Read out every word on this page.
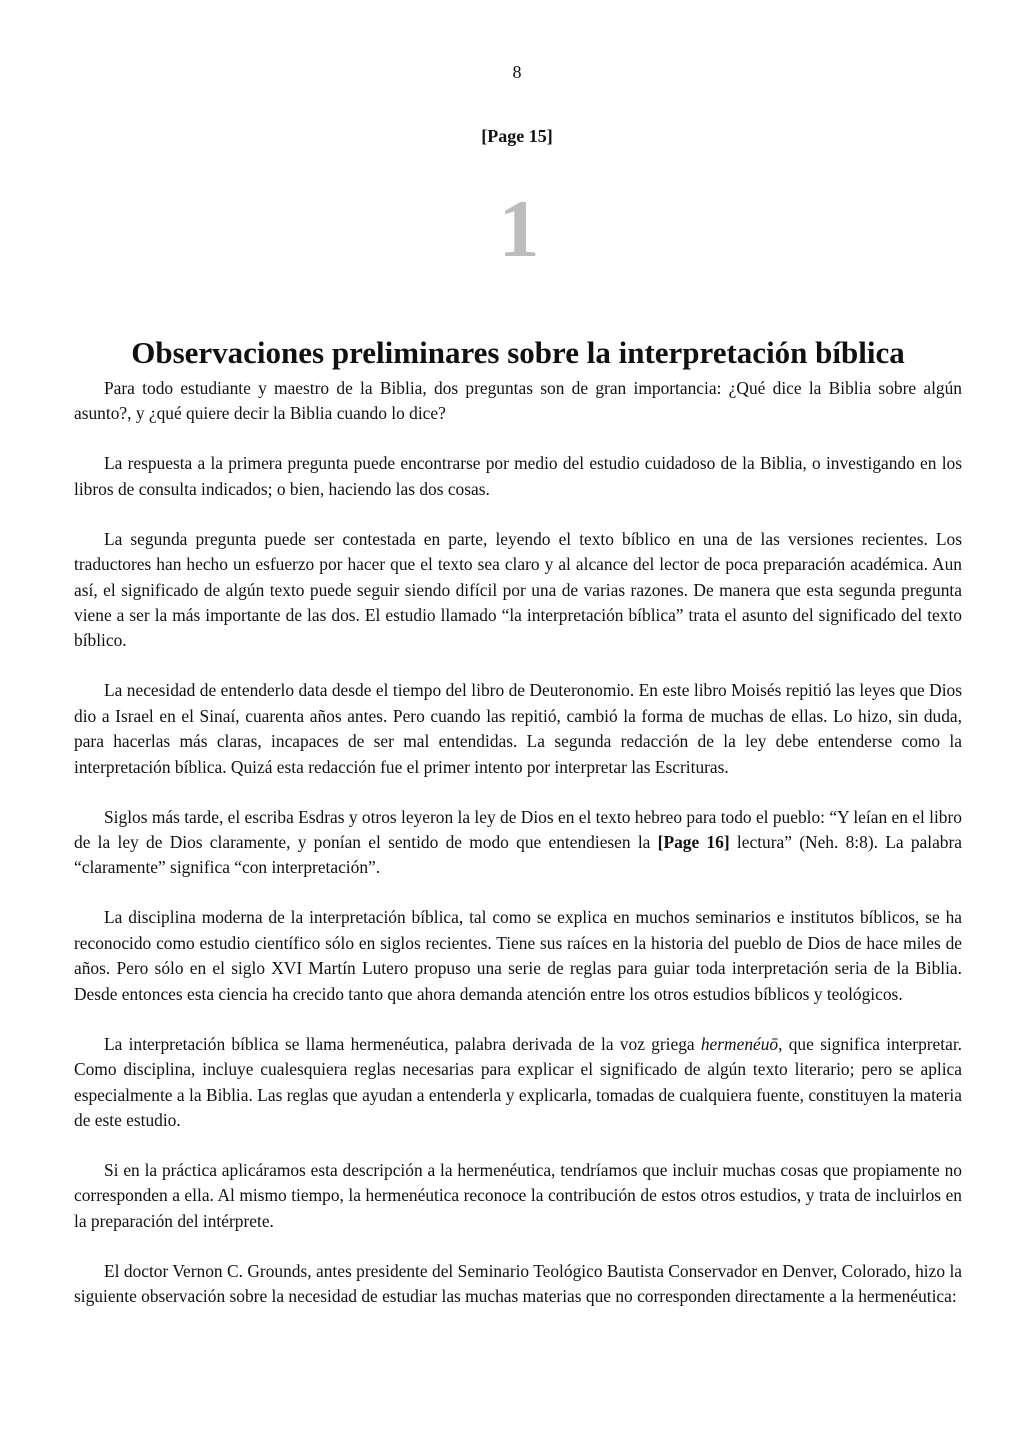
8
[Page 15]
1
Observaciones preliminares sobre la interpretación bíblica

Para todo estudiante y maestro de la Biblia, dos preguntas son de gran importancia: ¿Qué dice la Biblia sobre algún asunto?, y ¿qué quiere decir la Biblia cuando lo dice?

La respuesta a la primera pregunta puede encontrarse por medio del estudio cuidadoso de la Biblia, o investigando en los libros de consulta indicados; o bien, haciendo las dos cosas.

La segunda pregunta puede ser contestada en parte, leyendo el texto bíblico en una de las versiones recientes. Los traductores han hecho un esfuerzo por hacer que el texto sea claro y al alcance del lector de poca preparación académica. Aun así, el significado de algún texto puede seguir siendo difícil por una de varias razones. De manera que esta segunda pregunta viene a ser la más importante de las dos. El estudio llamado “la interpretación bíblica” trata el asunto del significado del texto bíblico.

La necesidad de entenderlo data desde el tiempo del libro de Deuteronomio. En este libro Moisés repitió las leyes que Dios dio a Israel en el Sinaí, cuarenta años antes. Pero cuando las repitió, cambió la forma de muchas de ellas. Lo hizo, sin duda, para hacerlas más claras, incapaces de ser mal entendidas. La segunda redacción de la ley debe entenderse como la interpretación bíblica. Quizá esta redacción fue el primer intento por interpretar las Escrituras.

Siglos más tarde, el escriba Esdras y otros leyeron la ley de Dios en el texto hebreo para todo el pueblo: “Y leían en el libro de la ley de Dios claramente, y ponían el sentido de modo que entendiesen la [Page 16] lectura” (Neh. 8:8). La palabra “claramente” significa “con interpretación”.

La disciplina moderna de la interpretación bíblica, tal como se explica en muchos seminarios e institutos bíblicos, se ha reconocido como estudio científico sólo en siglos recientes. Tiene sus raíces en la historia del pueblo de Dios de hace miles de años. Pero sólo en el siglo XVI Martín Lutero propuso una serie de reglas para guiar toda interpretación seria de la Biblia. Desde entonces esta ciencia ha crecido tanto que ahora demanda atención entre los otros estudios bíblicos y teológicos.

La interpretación bíblica se llama hermenéutica, palabra derivada de la voz griega hermenéuō, que significa interpretar. Como disciplina, incluye cualesquiera reglas necesarias para explicar el significado de algún texto literario; pero se aplica especialmente a la Biblia. Las reglas que ayudan a entenderla y explicarla, tomadas de cualquiera fuente, constituyen la materia de este estudio.

Si en la práctica aplicáramos esta descripción a la hermenéutica, tendríamos que incluir muchas cosas que propiamente no corresponden a ella. Al mismo tiempo, la hermenéutica reconoce la contribución de estos otros estudios, y trata de incluirlos en la preparación del intérprete.

El doctor Vernon C. Grounds, antes presidente del Seminario Teológico Bautista Conservador en Denver, Colorado, hizo la siguiente observación sobre la necesidad de estudiar las muchas materias que no corresponden directamente a la hermenéutica:
